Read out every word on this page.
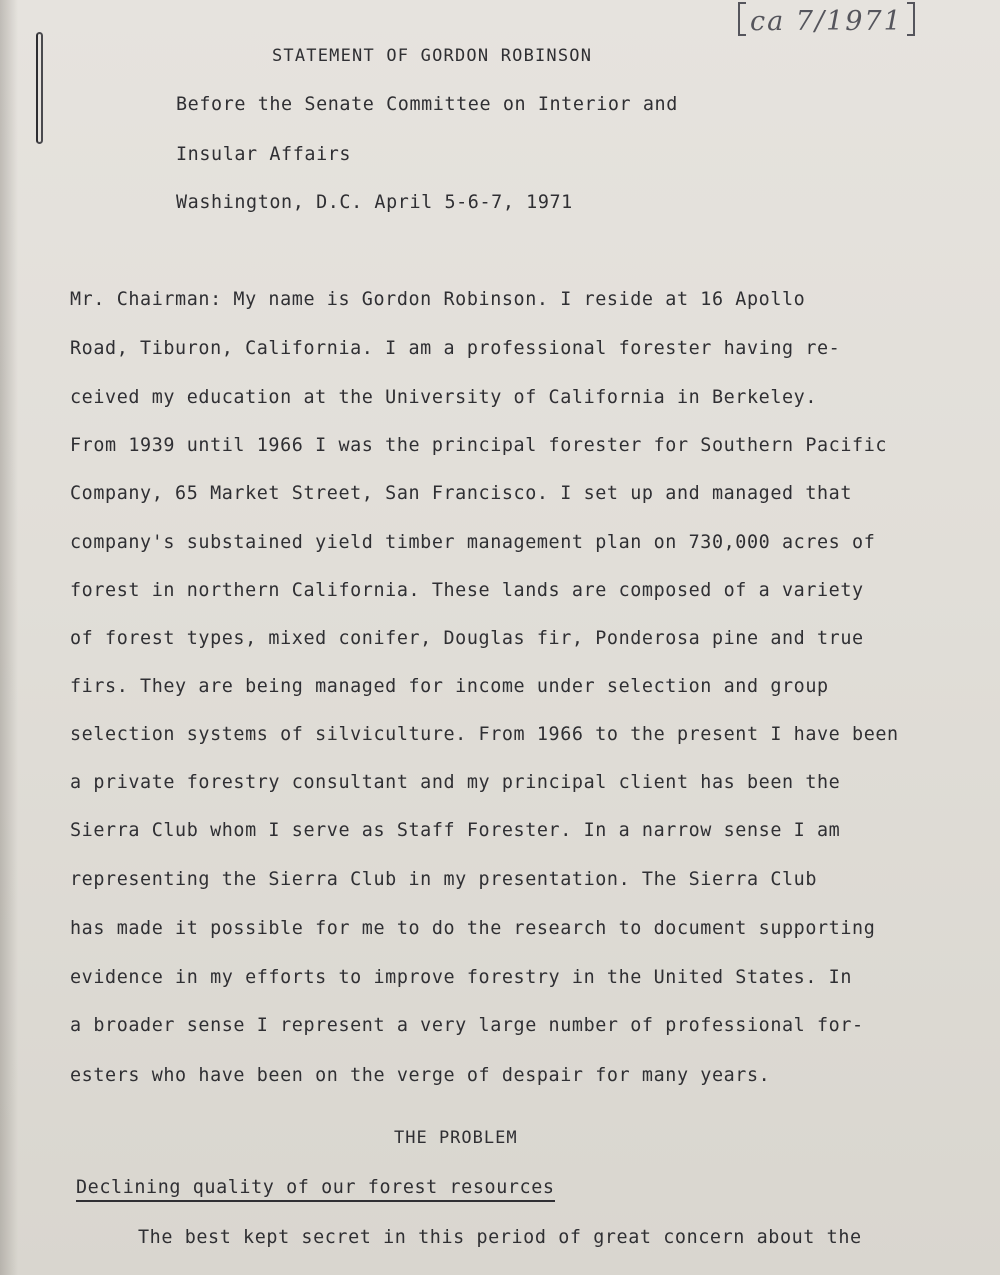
ca 7/1971
STATEMENT OF GORDON ROBINSON
Before the Senate Committee on Interior and
Insular Affairs
Washington, D.C. April 5-6-7, 1971
Mr. Chairman: My name is Gordon Robinson. I reside at 16 Apollo
Road, Tiburon, California. I am a professional forester having re-
ceived my education at the University of California in Berkeley.
From 1939 until 1966 I was the principal forester for Southern Pacific
Company, 65 Market Street, San Francisco. I set up and managed that
company's substained yield timber management plan on 730,000 acres of
forest in northern California. These lands are composed of a variety
of forest types, mixed conifer, Douglas fir, Ponderosa pine and true
firs. They are being managed for income under selection and group
selection systems of silviculture. From 1966 to the present I have been
a private forestry consultant and my principal client has been the
Sierra Club whom I serve as Staff Forester. In a narrow sense I am
representing the Sierra Club in my presentation. The Sierra Club
has made it possible for me to do the research to document supporting
evidence in my efforts to improve forestry in the United States. In
a broader sense I represent a very large number of professional for-
esters who have been on the verge of despair for many years.
THE PROBLEM
Declining quality of our forest resources
The best kept secret in this period of great concern about the
